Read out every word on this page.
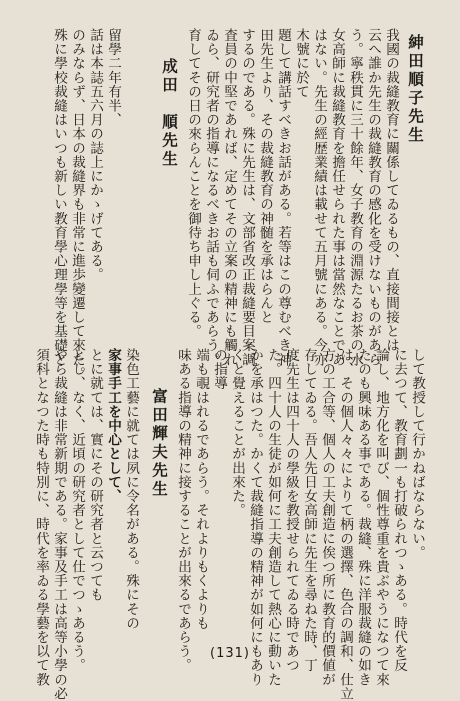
紳田順子先生
我國の裁縫教育に關係してゐるもの、直接間接とは
云へ誰か先生の裁縫教育の感化を受けないものがあら
う。寧秩貫に三十餘年、女子教育の淵源たるお茶の水
女高師に裁縫教育を擔任せられた事は當然なことであ
はない。先生の經歴業績は載せて五月號にある。今亦
木號に於て
題して講話すべきお話がある。若等はこの尊むべき神
田先生より、その裁縫教育の神髄を承はらんと
するのである。殊に先生は、文部省改正裁縫要目案調
査員の中堅であれば、定めてその立案の精神にも觸れ
ゐら、研究者の指導になるべきお話も伺ふであらう。
育してその日の來らんことを御待ち申し上ぐる。
成田　順先生
留學二年有半、
話は本誌五六月の誌上にかゝげてある。
のみならず、日本の裁縫界も非常に進歩變遷して來た。
殊に學校裁縫はいつも新しい教育學心理學等を基礎と
して教授して行かねばならない。
に去つて、教育劃一も打破られつゝある。時代を反
論し、地方化を叫び、個性尊重を貴ぶやうになつて來
たのも興味ある事である。裁縫、殊に洋服裁縫の如き
は、その個人々々によりて柄の選擇、色合の調和、仕立
方の工合等、個人の工夫創造に俟つ所に教育的價値が
存してゐる。吾人先日女高師に先生を尋ねた時、丁
度先生は四十人の學級を教授せられてゐる時であつ
た。四十人の生徒が如何に工夫創造して熱心に動いた
かを承はつた。かくて裁縫指導の精神が如何にもあり
くと覺えることが出來た。
の指導
端も覗はれるであらう。それよりもくよりも
味ある指導の精神に接することが出來るであらう。
富田輝夫先生
染色工藝に就ては夙に令名がある。殊にその
家事手工を中心として、
とに就ては、實にその研究者と云つても
とし、なく、近頃の研究者として仕でつゝあるう。
やら裁縫は非常新期である。家事及手工は高等小學の必
須科となつた時も特別に、時代を率ゐる學藝を以て教	(131)
